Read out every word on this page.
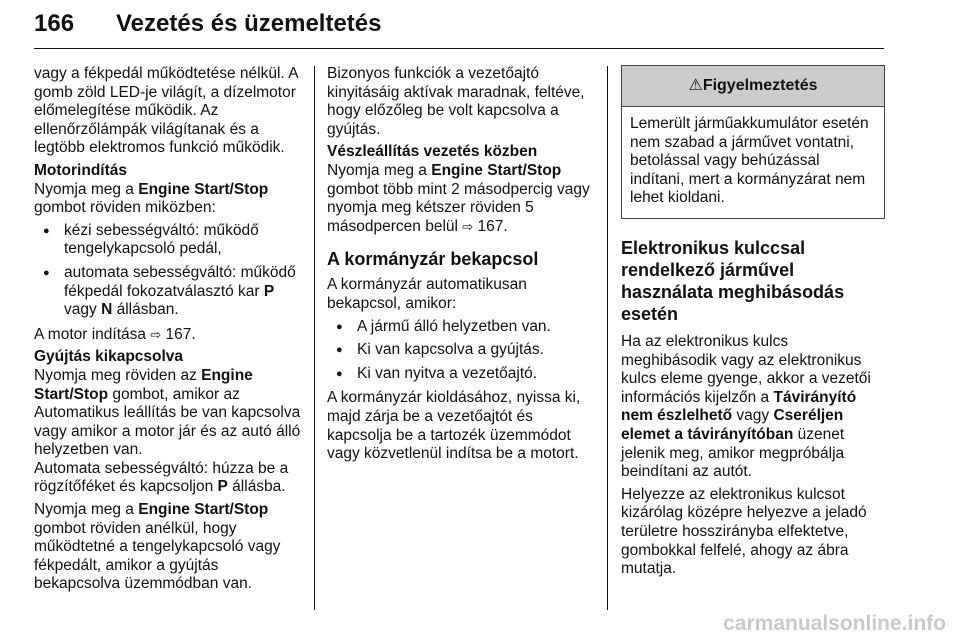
166 Vezetés és üzemeltetés

vagy a fékpedál működtetése nélkül. A gomb zöld LED-je világít, a dízelmotor előmelegítése működik. Az ellenőrzőlámpák világítanak és a legtöbb elektromos funkció működik.

Motorindítás

Nyomja meg a Engine Start/Stop gombot röviden miközben:

● kézi sebességváltó: működő tengelykapcsoló pedál,
● automata sebességváltó: működő fékpedál fokozatválasztó kar P vagy N állásban.

A motor indítása ⇨ 167.

Gyújtás kikapcsolva

Nyomja meg röviden az Engine Start/Stop gombot, amikor az Automatikus leállítás be van kapcsolva vagy amikor a motor jár és az autó álló helyzetben van.

Automata sebességváltó: húzza be a rögzítőféket és kapcsoljon P állásba.

Nyomja meg a Engine Start/Stop gombot röviden anélkül, hogy működtetné a tengelykapcsoló vagy fékpedált, amikor a gyújtás bekapcsolva üzemmódban van.

Bizonyos funkciók a vezetőajtó kinyitásáig aktívak maradnak, feltéve, hogy előzőleg be volt kapcsolva a gyújtás.

Vészleállítás vezetés közben

Nyomja meg a Engine Start/Stop gombot több mint 2 másodpercig vagy nyomja meg kétszer röviden 5 másodpercen belül ⇨ 167.

A kormányzár bekapcsol

A kormányzár automatikusan bekapcsol, amikor:

● A jármű álló helyzetben van.
● Ki van kapcsolva a gyújtás.
● Ki van nyitva a vezetőajtó.

A kormányzár kioldásához, nyissa ki, majd zárja be a vezetőajtót és kapcsolja be a tartozék üzemmódot vagy közvetlenül indítsa be a motort.

⚠Figyelmeztetés
Lemerült járműakkumulátor esetén nem szabad a járművet vontatni, betolással vagy behúzással indítani, mert a kormányzárat nem lehet kioldani.
Elektronikus kulccsal rendelkező járművel használata meghibásodás esetén

Ha az elektronikus kulcs meghibásodik vagy az elektronikus kulcs eleme gyenge, akkor a vezetői információs kijelzőn a Távirányító nem észlelhető vagy Cseréljen elemet a távirányítóban üzenet jelenik meg, amikor megpróbálja beindítani az autót.

Helyezze az elektronikus kulcsot kizárólag középre helyezve a jeladó területre hosszirányba elfektetve, gombokkal felfelé, ahogy az ábra mutatja.

carmanualsonline.info
